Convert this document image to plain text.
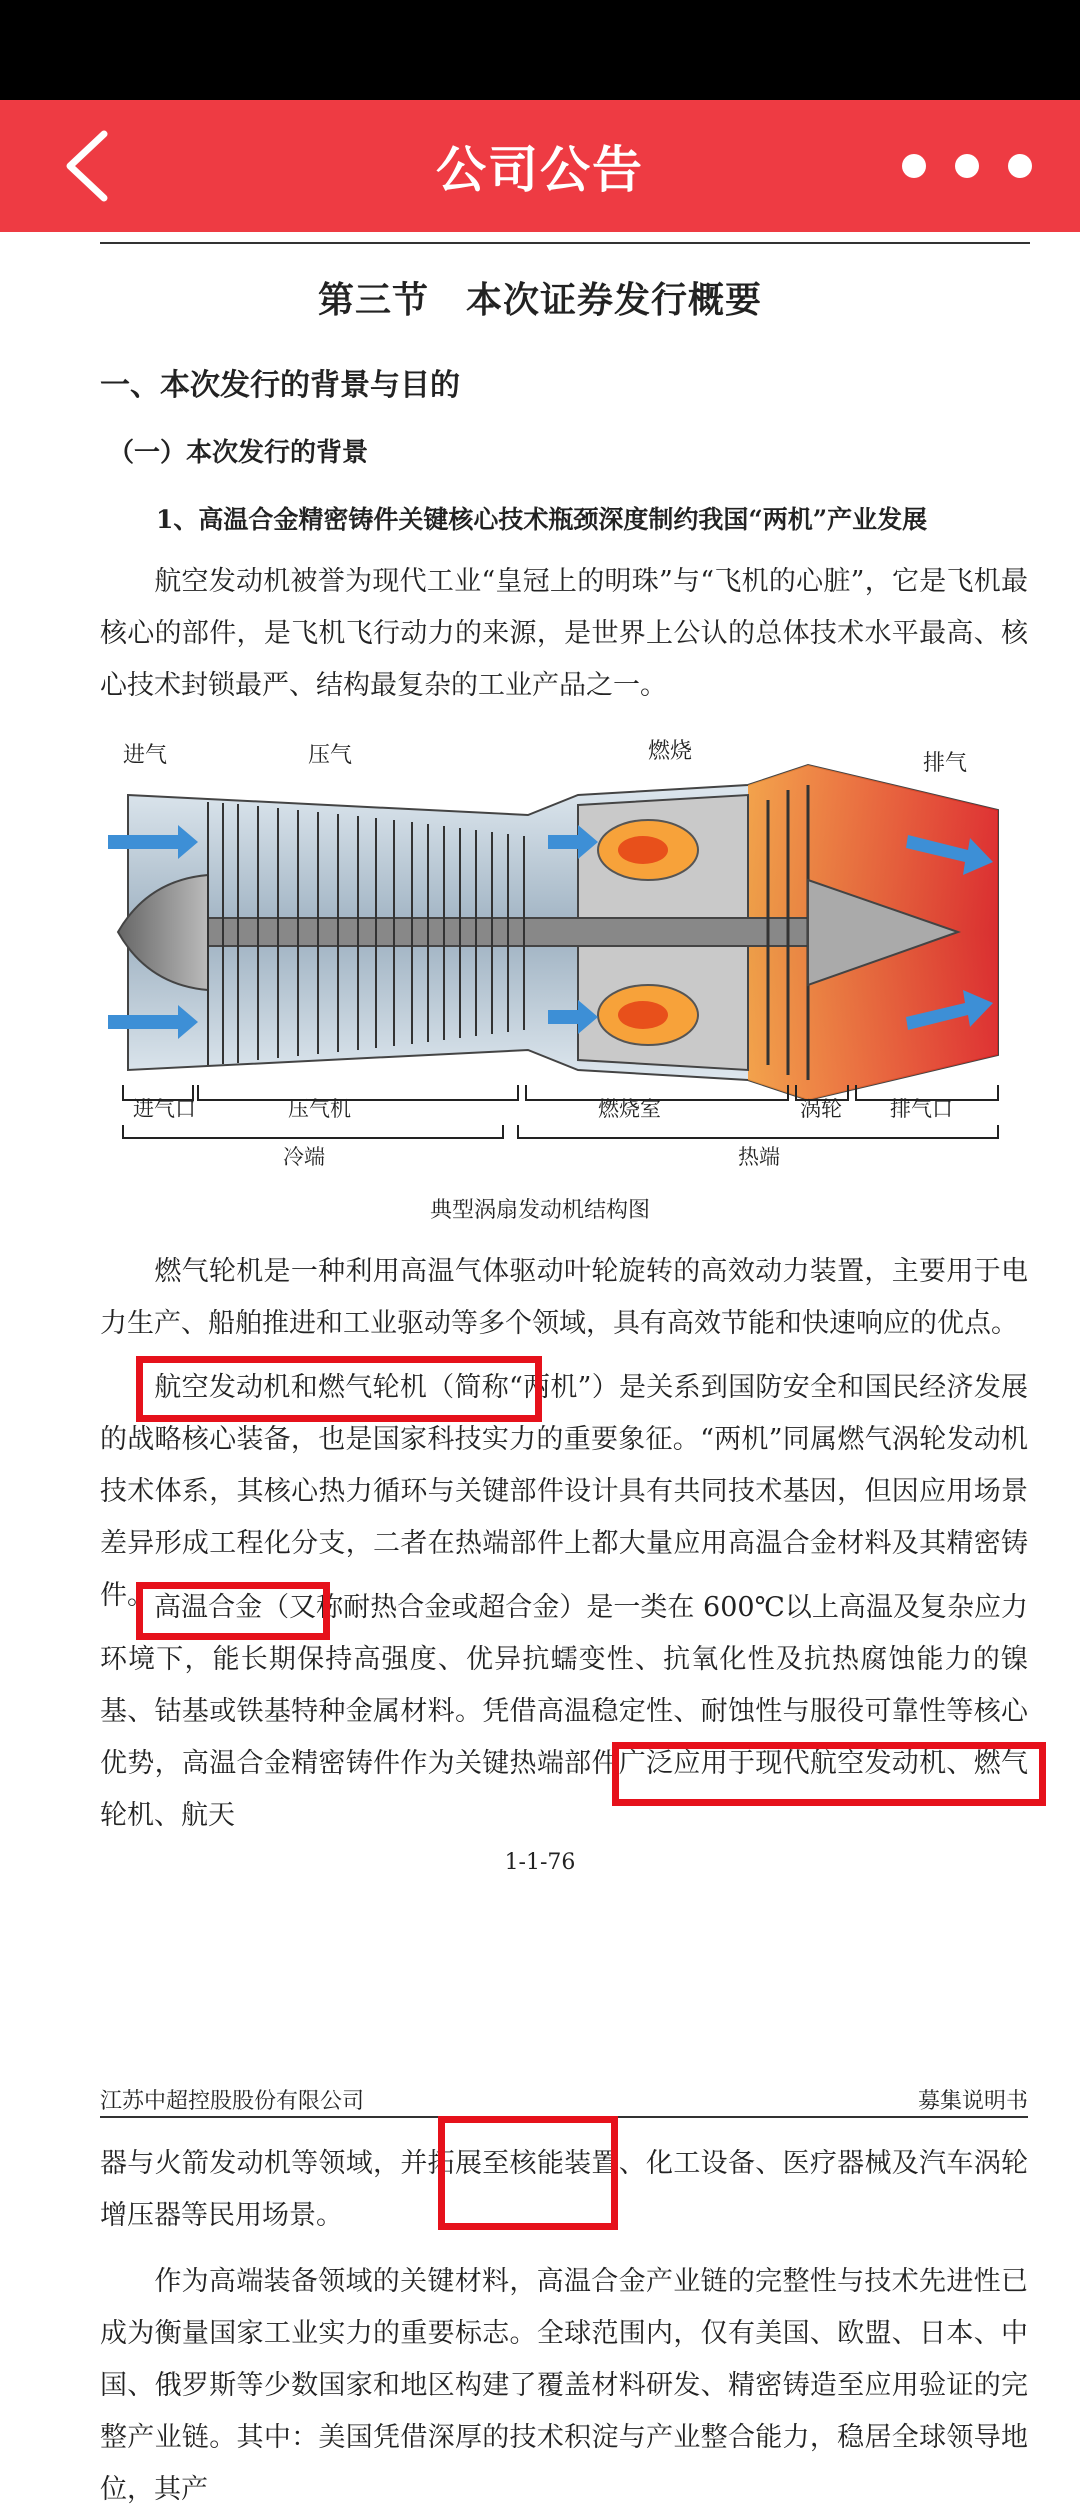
公司公告
第三节　本次证券发行概要
一、本次发行的背景与目的
（一）本次发行的背景
1、高温合金精密铸件关键核心技术瓶颈深度制约我国“两机”产业发展
航空发动机被誉为现代工业“皇冠上的明珠”与“飞机的心脏”，它是飞机最核心的部件，是飞机飞行动力的来源，是世界上公认的总体技术水平最高、核心技术封锁最严、结构最复杂的工业产品之一。
进气	压气	燃烧	排气
进气口	压气机	燃烧室	涡轮 排气口
冷端	热端
典型涡扇发动机结构图
燃气轮机是一种利用高温气体驱动叶轮旋转的高效动力装置，主要用于电力生产、船舶推进和工业驱动等多个领域，具有高效节能和快速响应的优点。
航空发动机和燃气轮机（简称“两机”）是关系到国防安全和国民经济发展的战略核心装备，也是国家科技实力的重要象征。“两机”同属燃气涡轮发动机技术体系，其核心热力循环与关键部件设计具有共同技术基因，但因应用场景差异形成工程化分支，二者在热端部件上都大量应用高温合金材料及其精密铸件。 高温合金（又称耐热合金或超合金）是一类在 600℃以上高温及复杂应力环境下，能长期保持高强度、优异抗蠕变性、抗氧化性及抗热腐蚀能力的镍基、钴基或铁基特种金属材料。凭借高温稳定性、耐蚀性与服役可靠性等核心优势，高温合金精密铸件作为关键热端部件广泛应用于现代航空发动机、燃气轮机、航天
1-1-76
江苏中超控股股份有限公司	募集说明书
器与火箭发动机等领域，并拓展至核能装置、化工设备、医疗器械及汽车涡轮增压器等民用场景。
作为高端装备领域的关键材料，高温合金产业链的完整性与技术先进性已成为衡量国家工业实力的重要标志。全球范围内，仅有美国、欧盟、日本、中国、俄罗斯等少数国家和地区构建了覆盖材料研发、精密铸造至应用验证的完整产业链。其中：美国凭借深厚的技术积淀与产业整合能力，稳居全球领导地位，其产
